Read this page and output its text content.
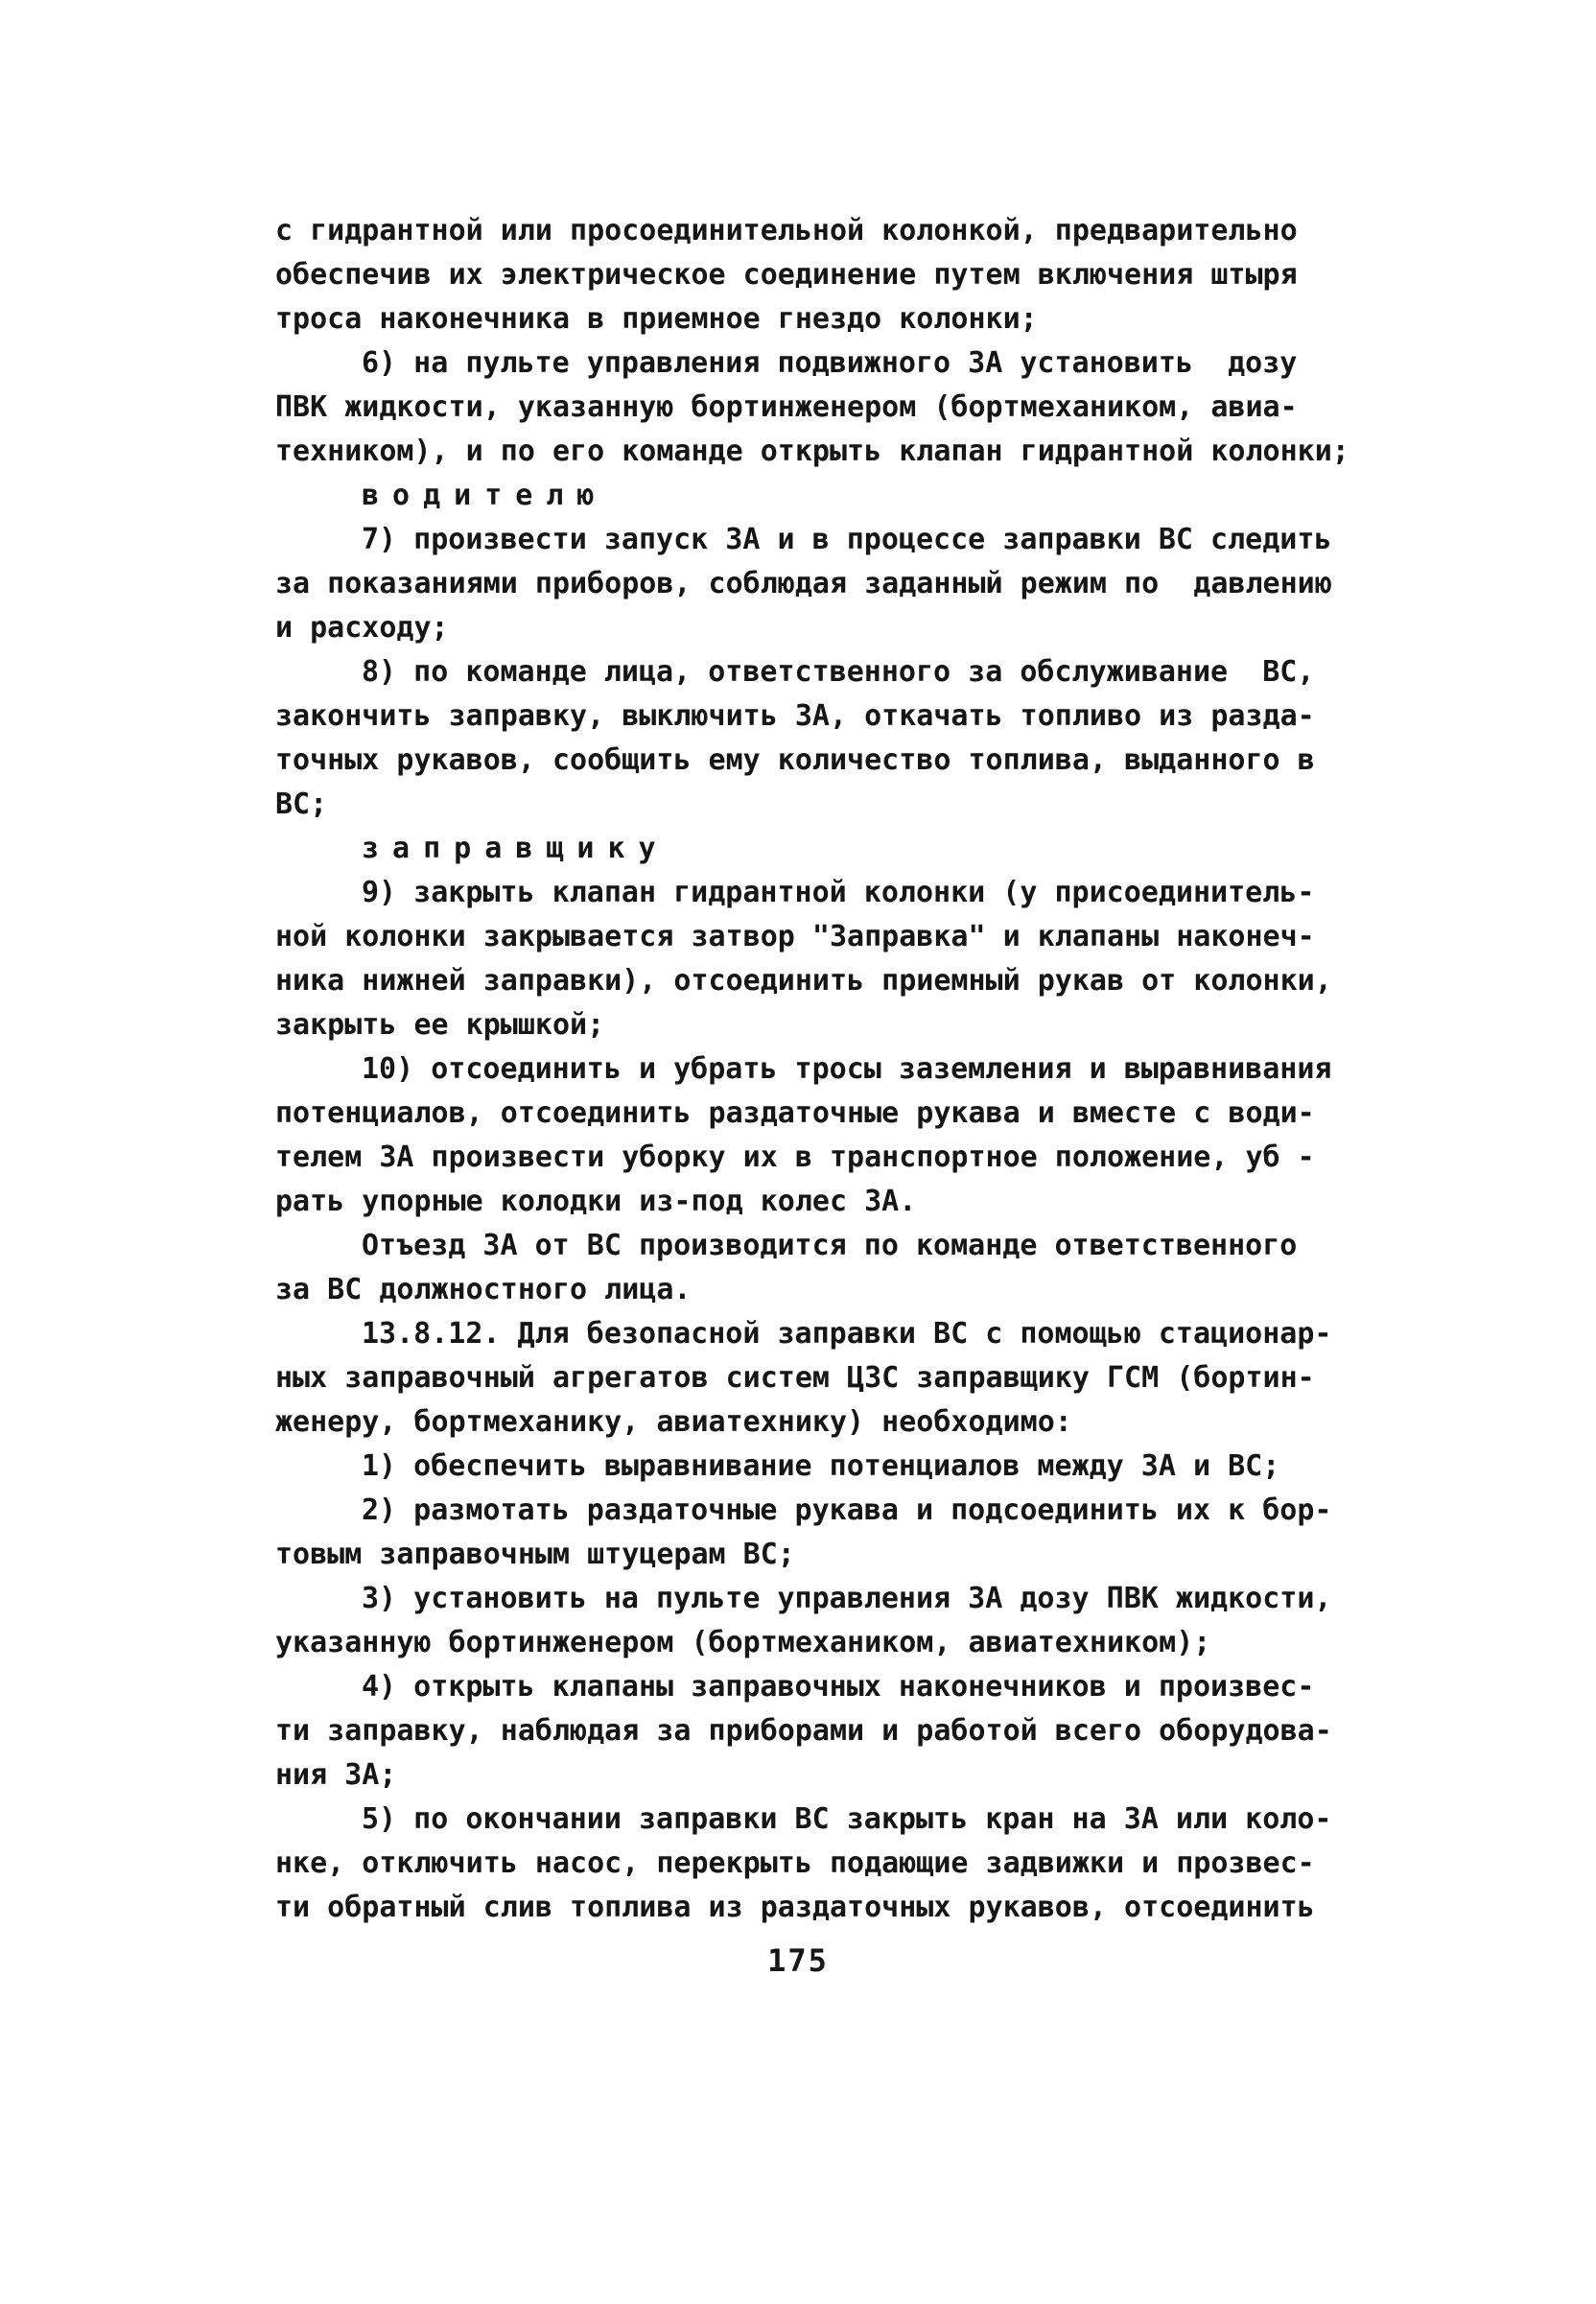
с гидрантной или просоединительной колонкой, предварительно
обеспечив их электрическое соединение путем включения штыря
троса наконечника в приемное гнездо колонки;
6) на пульте управления подвижного ЗА установить  дозу
ПВК жидкости, указанную бортинженером (бортмехаником, авиа-
техником), и по его команде открыть клапан гидрантной колонки;
водителю
7) произвести запуск ЗА и в процессе заправки ВС следить
за показаниями приборов, соблюдая заданный режим по  давлению
и расходу;
8) по команде лица, ответственного за обслуживание  ВС,
закончить заправку, выключить ЗА, откачать топливо из разда-
точных рукавов, сообщить ему количество топлива, выданного в
ВС;
заправщику
9) закрыть клапан гидрантной колонки (у присоединитель-
ной колонки закрывается затвор "Заправка" и клапаны наконеч-
ника нижней заправки), отсоединить приемный рукав от колонки,
закрыть ее крышкой;
10) отсоединить и убрать тросы заземления и выравнивания
потенциалов, отсоединить раздаточные рукава и вместе с води-
телем ЗА произвести уборку их в транспортное положение, уб -
рать упорные колодки из-под колес ЗА.
Отъезд ЗА от ВС производится по команде ответственного
за ВС должностного лица.
13.8.12. Для безопасной заправки ВС с помощью стационар-
ных заправочный агрегатов систем ЦЗС заправщику ГСМ (бортин-
женеру, бортмеханику, авиатехнику) необходимо:
1) обеспечить выравнивание потенциалов между ЗА и ВС;
2) размотать раздаточные рукава и подсоединить их к бор-
товым заправочным штуцерам ВС;
3) установить на пульте управления ЗА дозу ПВК жидкости,
указанную бортинженером (бортмехаником, авиатехником);
4) открыть клапаны заправочных наконечников и произвес-
ти заправку, наблюдая за приборами и работой всего оборудова-
ния ЗА;
5) по окончании заправки ВС закрыть кран на ЗА или коло-
нке, отключить насос, перекрыть подающие задвижки и прозвес-
ти обратный слив топлива из раздаточных рукавов, отсоединить
175
